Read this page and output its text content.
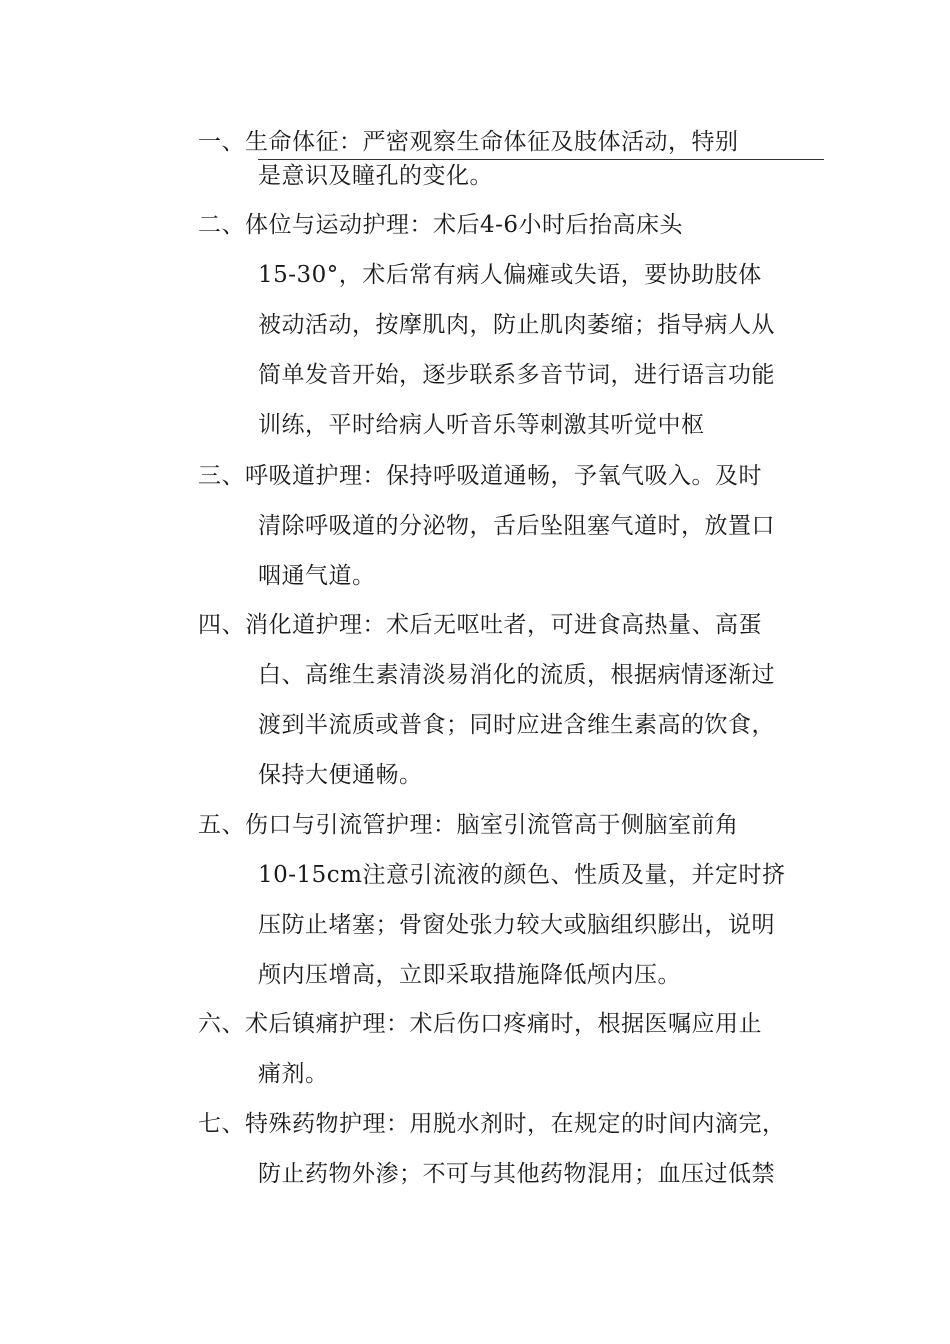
一、生命体征：严密观察生命体征及肢体活动，特别
是意识及瞳孔的变化。
二、体位与运动护理：术后4-6小时后抬高床头
15-30°，术后常有病人偏瘫或失语，要协助肢体
被动活动，按摩肌肉，防止肌肉萎缩；指导病人从
简单发音开始，逐步联系多音节词，进行语言功能
训练，平时给病人听音乐等刺激其听觉中枢
三、呼吸道护理：保持呼吸道通畅，予氧气吸入。及时
清除呼吸道的分泌物，舌后坠阻塞气道时，放置口
咽通气道。
四、消化道护理：术后无呕吐者，可进食高热量、高蛋
白、高维生素清淡易消化的流质，根据病情逐渐过
渡到半流质或普食；同时应进含维生素高的饮食，
保持大便通畅。
五、伤口与引流管护理：脑室引流管高于侧脑室前角
10-15cm注意引流液的颜色、性质及量，并定时挤
压防止堵塞；骨窗处张力较大或脑组织膨出，说明
颅内压增高，立即采取措施降低颅内压。
六、术后镇痛护理：术后伤口疼痛时，根据医嘱应用止
痛剂。
七、特殊药物护理：用脱水剂时，在规定的时间内滴完，
防止药物外渗；不可与其他药物混用；血压过低禁
